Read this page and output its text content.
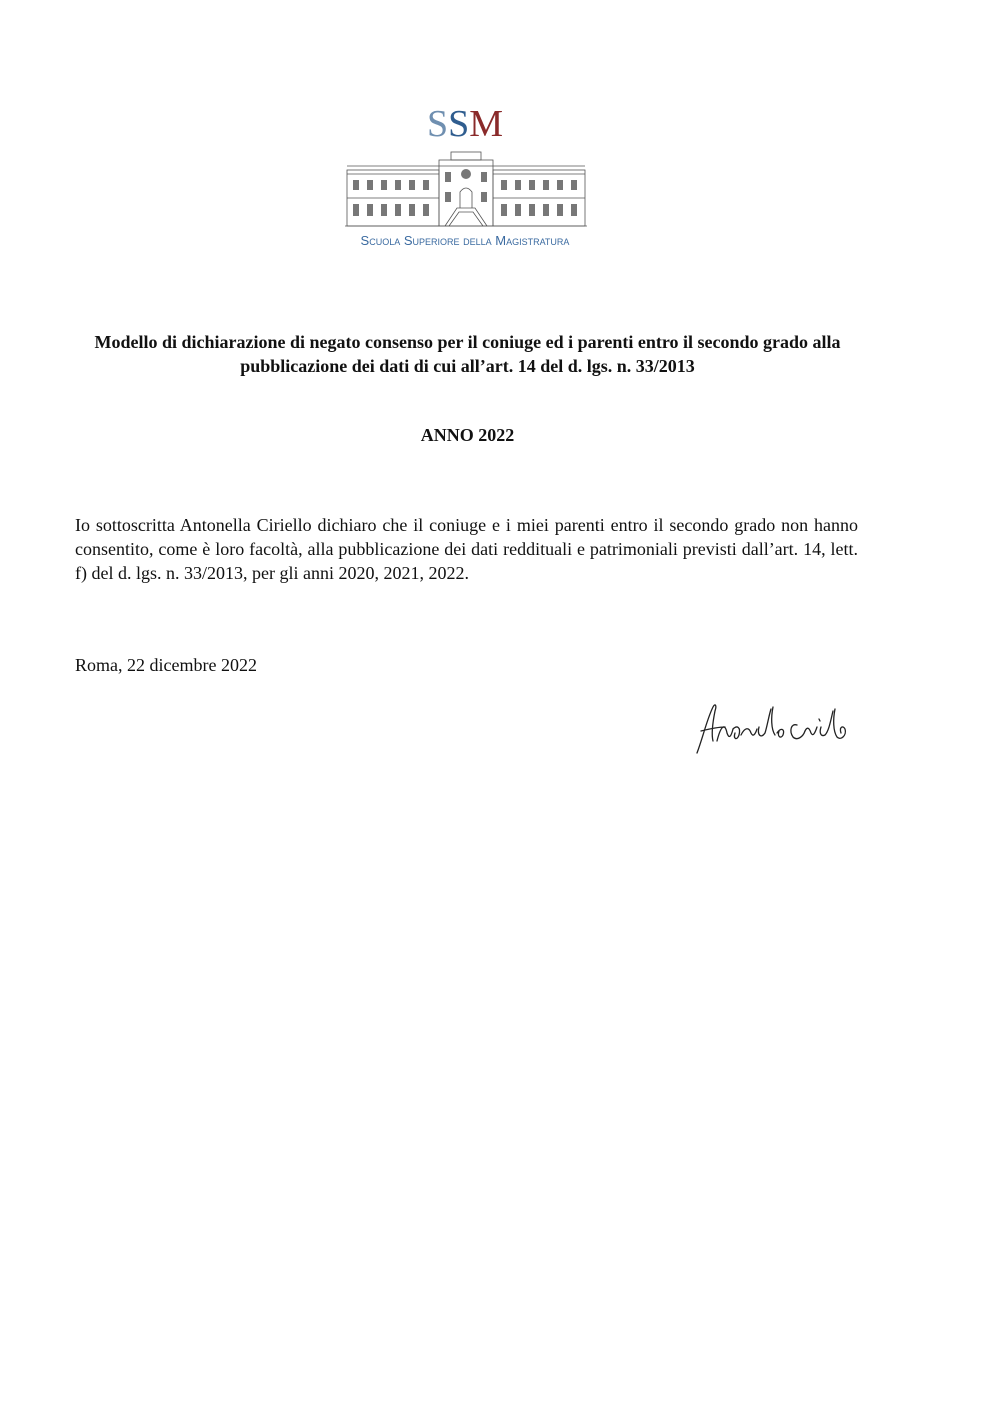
SSM
Scuola Superiore della Magistratura
Modello di dichiarazione di negato consenso per il coniuge ed i parenti entro il secondo grado alla pubblicazione dei dati di cui all’art. 14 del d. lgs. n. 33/2013
ANNO 2022
Io sottoscritta Antonella Ciriello dichiaro che il coniuge e i miei parenti entro il secondo grado non hanno consentito, come è loro facoltà, alla pubblicazione dei dati reddituali e patrimoniali previsti dall’art. 14, lett. f) del d. lgs. n. 33/2013, per gli anni 2020, 2021, 2022.
Roma, 22 dicembre 2022
